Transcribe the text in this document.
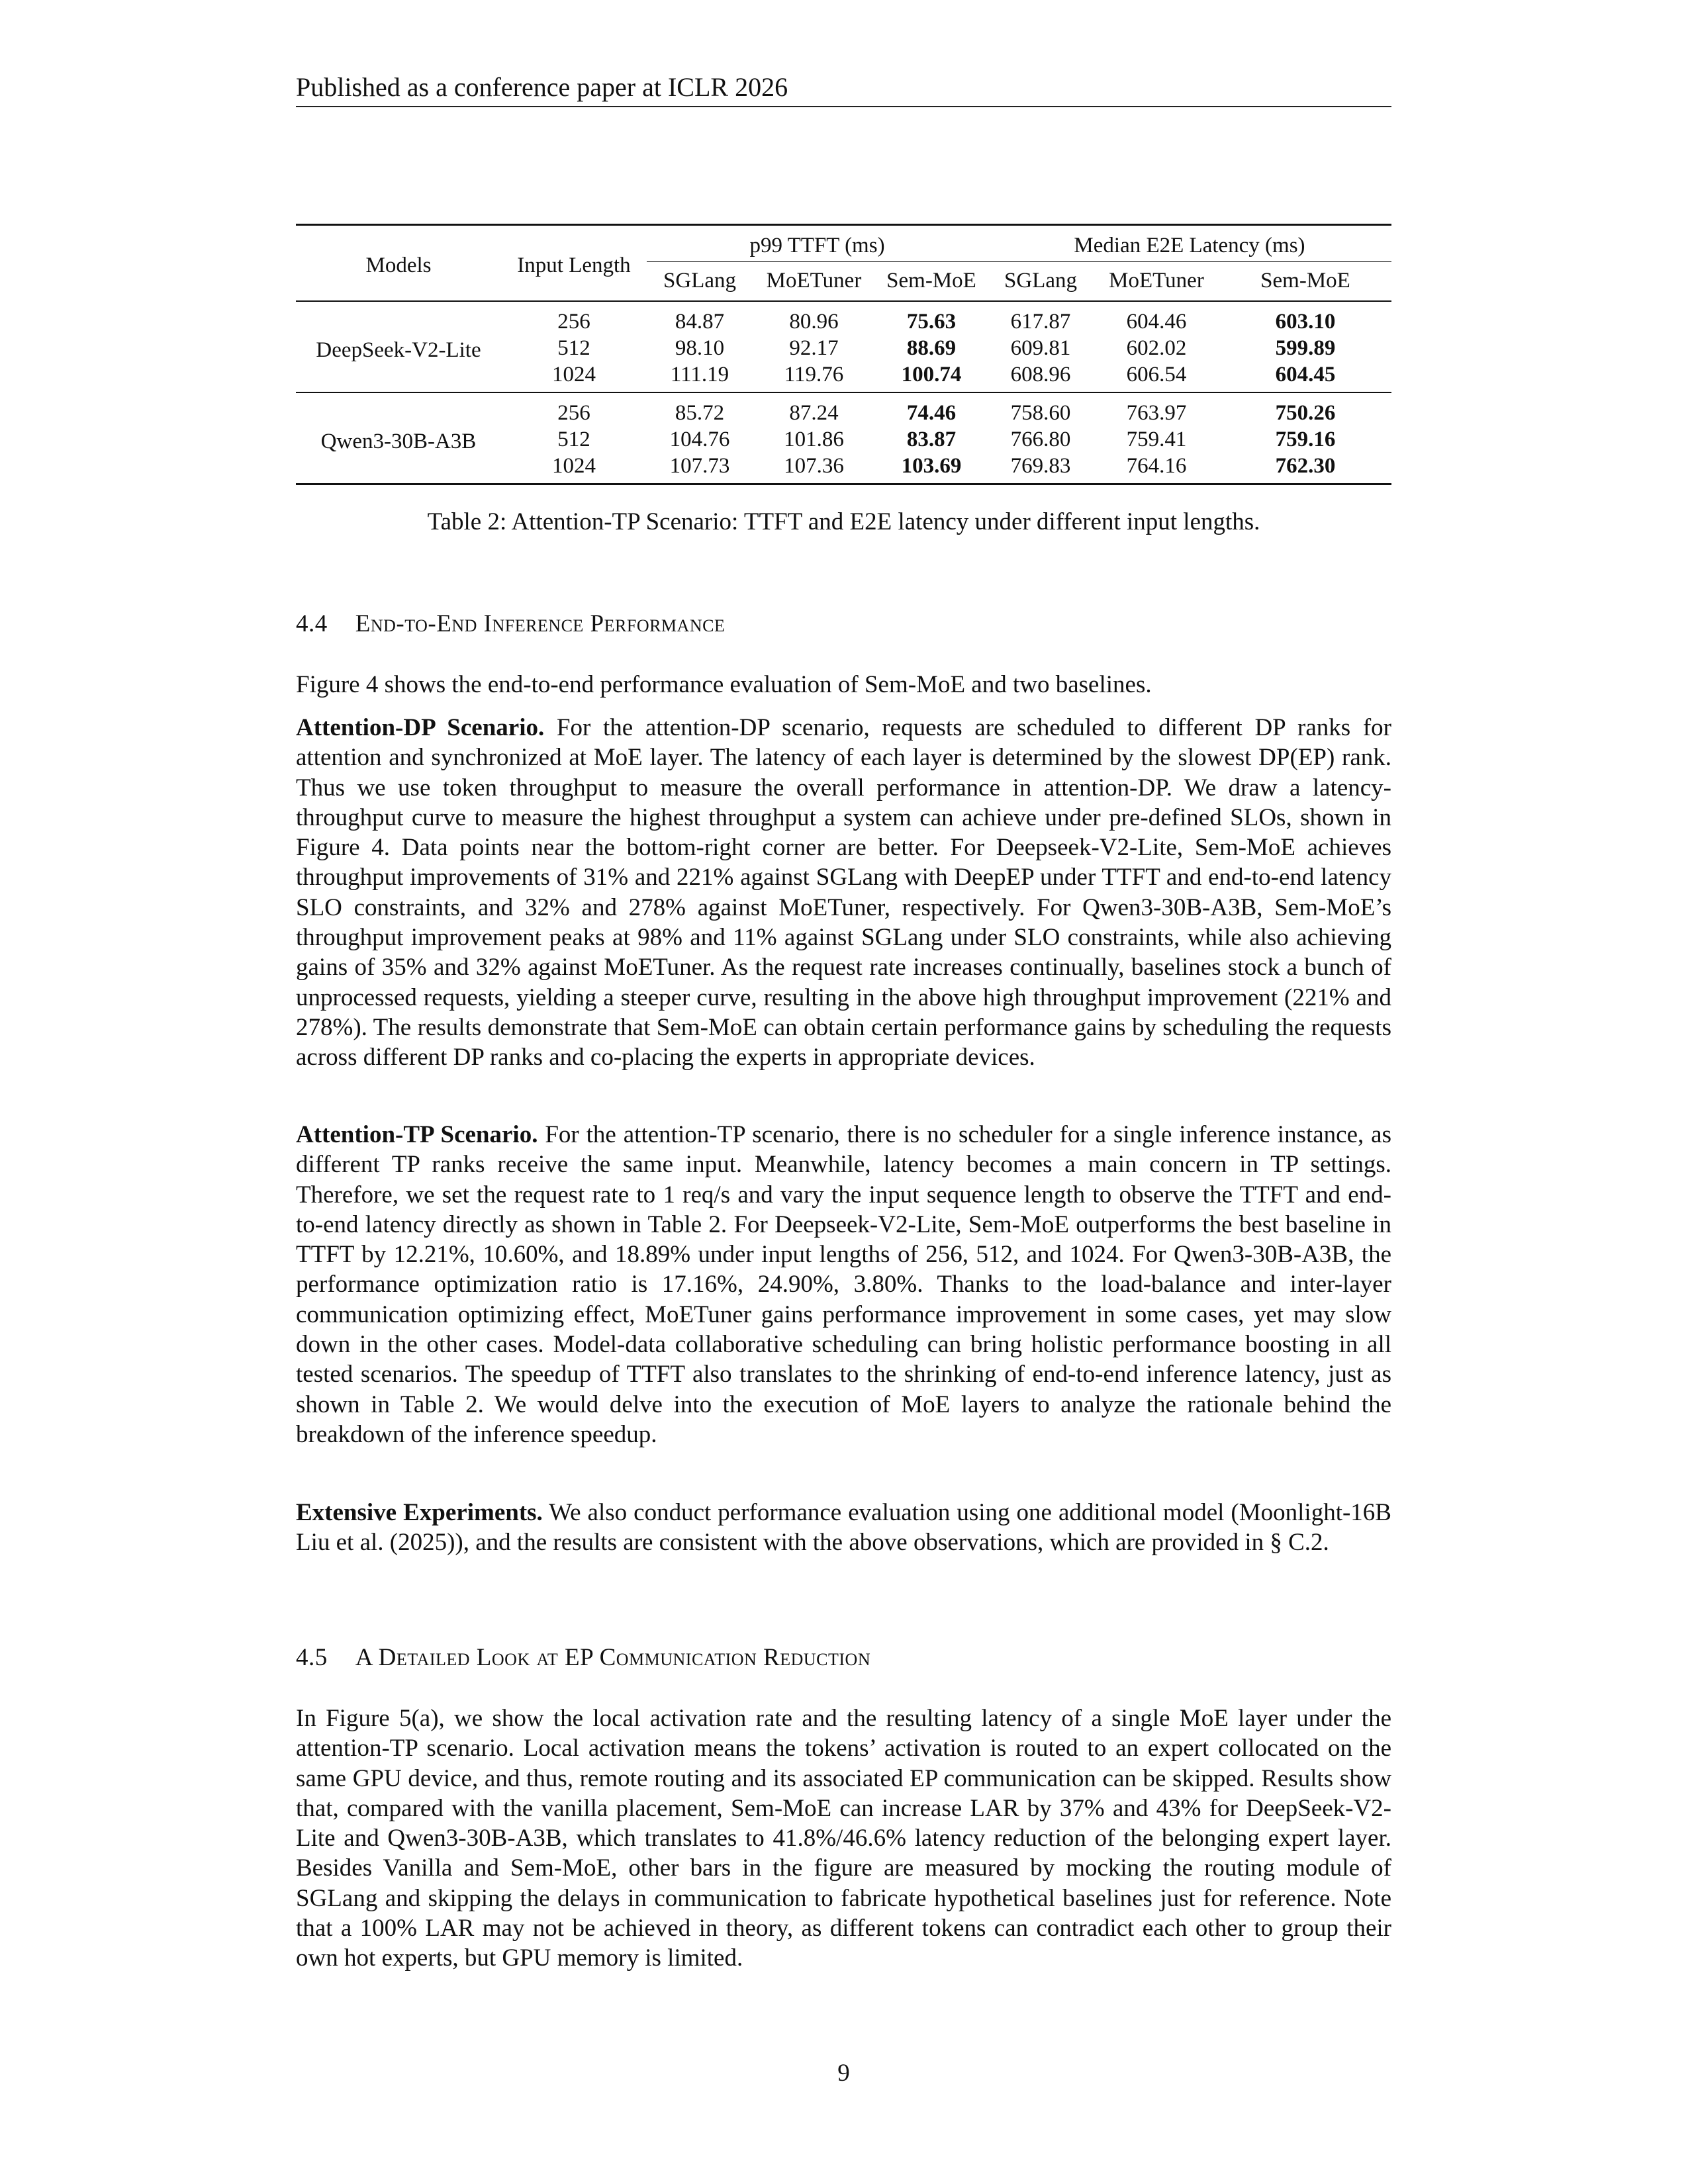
Published as a conference paper at ICLR 2026
Models	Input Length	p99 TTFT (ms)			Median E2E Latency (ms)		
		SGLang	MoETuner	Sem-MoE	SGLang	MoETuner	Sem-MoE
DeepSeek-V2-Lite	256	84.87	80.96	75.63	617.87	604.46	603.10
	512	98.10	92.17	88.69	609.81	602.02	599.89
	1024	111.19	119.76	100.74	608.96	606.54	604.45
Qwen3-30B-A3B	256	85.72	87.24	74.46	758.60	763.97	750.26
	512	104.76	101.86	83.87	766.80	759.41	759.16
	1024	107.73	107.36	103.69	769.83	764.16	762.30
Table 2: Attention-TP Scenario: TTFT and E2E latency under different input lengths.
4.4 End-to-End Inference Performance
Figure 4 shows the end-to-end performance evaluation of Sem-MoE and two baselines.
Attention-DP Scenario. For the attention-DP scenario, requests are scheduled to different DP ranks for attention and synchronized at MoE layer. The latency of each layer is determined by the slowest DP(EP) rank. Thus we use token throughput to measure the overall performance in attention-DP. We draw a latency-throughput curve to measure the highest throughput a system can achieve under pre-defined SLOs, shown in Figure 4. Data points near the bottom-right corner are better. For Deepseek-V2-Lite, Sem-MoE achieves throughput improvements of 31% and 221% against SGLang with DeepEP under TTFT and end-to-end latency SLO constraints, and 32% and 278% against MoETuner, respectively. For Qwen3-30B-A3B, Sem-MoE’s throughput improvement peaks at 98% and 11% against SGLang under SLO constraints, while also achieving gains of 35% and 32% against MoETuner. As the request rate increases continually, baselines stock a bunch of unprocessed requests, yielding a steeper curve, resulting in the above high throughput improvement (221% and 278%). The results demonstrate that Sem-MoE can obtain certain performance gains by scheduling the requests across different DP ranks and co-placing the experts in appropriate devices.
Attention-TP Scenario. For the attention-TP scenario, there is no scheduler for a single inference instance, as different TP ranks receive the same input. Meanwhile, latency becomes a main concern in TP settings. Therefore, we set the request rate to 1 req/s and vary the input sequence length to observe the TTFT and end-to-end latency directly as shown in Table 2. For Deepseek-V2-Lite, Sem-MoE outperforms the best baseline in TTFT by 12.21%, 10.60%, and 18.89% under input lengths of 256, 512, and 1024. For Qwen3-30B-A3B, the performance optimization ratio is 17.16%, 24.90%, 3.80%. Thanks to the load-balance and inter-layer communication optimizing effect, MoETuner gains performance improvement in some cases, yet may slow down in the other cases. Model-data collaborative scheduling can bring holistic performance boosting in all tested scenarios. The speedup of TTFT also translates to the shrinking of end-to-end inference latency, just as shown in Table 2. We would delve into the execution of MoE layers to analyze the rationale behind the breakdown of the inference speedup.
Extensive Experiments. We also conduct performance evaluation using one additional model (Moonlight-16B Liu et al. (2025)), and the results are consistent with the above observations, which are provided in § C.2.
4.5 A Detailed Look at EP Communication Reduction
In Figure 5(a), we show the local activation rate and the resulting latency of a single MoE layer under the attention-TP scenario. Local activation means the tokens’ activation is routed to an expert collocated on the same GPU device, and thus, remote routing and its associated EP communication can be skipped. Results show that, compared with the vanilla placement, Sem-MoE can increase LAR by 37% and 43% for DeepSeek-V2-Lite and Qwen3-30B-A3B, which translates to 41.8%/46.6% latency reduction of the belonging expert layer. Besides Vanilla and Sem-MoE, other bars in the figure are measured by mocking the routing module of SGLang and skipping the delays in communication to fabricate hypothetical baselines just for reference. Note that a 100% LAR may not be achieved in theory, as different tokens can contradict each other to group their own hot experts, but GPU memory is limited.
9
